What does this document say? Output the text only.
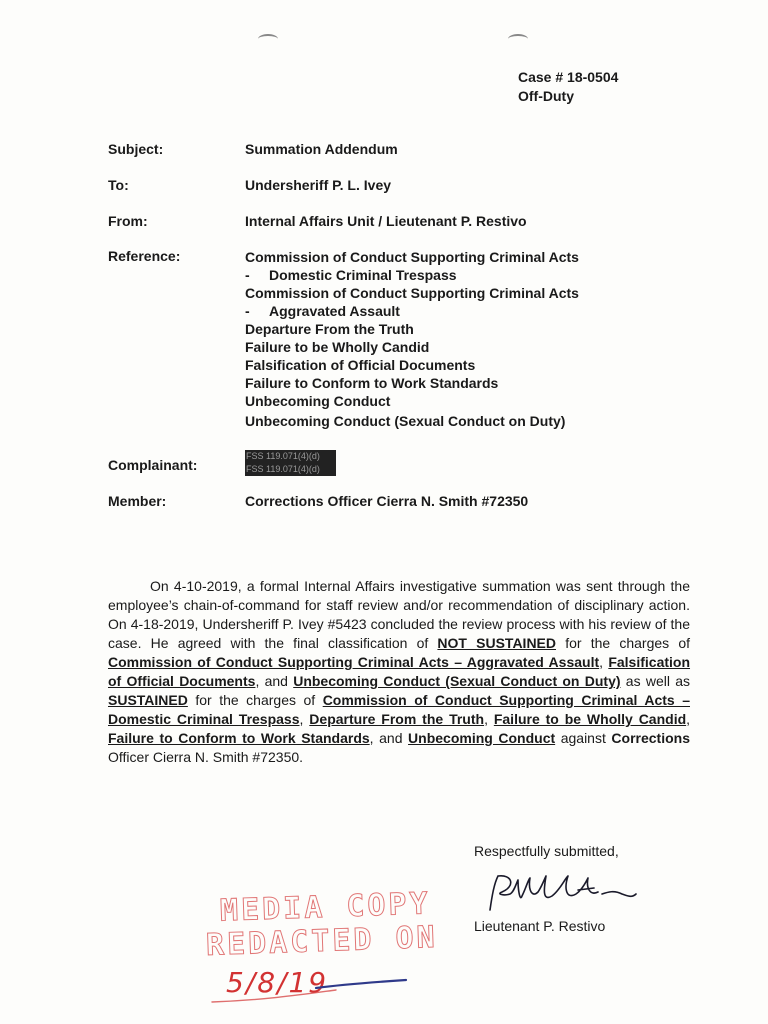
Case # 18-0504
Off-Duty
Subject:	Summation Addendum
To:	Undersheriff P. L. Ivey
From:	Internal Affairs Unit / Lieutenant P. Restivo
Reference:	Commission of Conduct Supporting Criminal Acts
- Domestic Criminal Trespass
Commission of Conduct Supporting Criminal Acts
- Aggravated Assault
Departure From the Truth
Failure to be Wholly Candid
Falsification of Official Documents
Failure to Conform to Work Standards
Unbecoming Conduct
Unbecoming Conduct (Sexual Conduct on Duty)
Complainant:
FSS 119.071(4)(d)
FSS 119.071(4)(d)
Member:	Corrections Officer Cierra N. Smith #72350

On 4-10-2019, a formal Internal Affairs investigative summation was sent through the employee’s chain-of-command for staff review and/or recommendation of disciplinary action. On 4-18-2019, Undersheriff P. Ivey #5423 concluded the review process with his review of the case. He agreed with the final classification of NOT SUSTAINED for the charges of Commission of Conduct Supporting Criminal Acts – Aggravated Assault, Falsification of Official Documents, and Unbecoming Conduct (Sexual Conduct on Duty) as well as SUSTAINED for the charges of Commission of Conduct Supporting Criminal Acts – Domestic Criminal Trespass, Departure From the Truth, Failure to be Wholly Candid, Failure to Conform to Work Standards, and Unbecoming Conduct against Corrections Officer Cierra N. Smith #72350.

Respectfully submitted,
Lieutenant P. Restivo
MEDIA COPY
REDACTED ON
5/8/19
